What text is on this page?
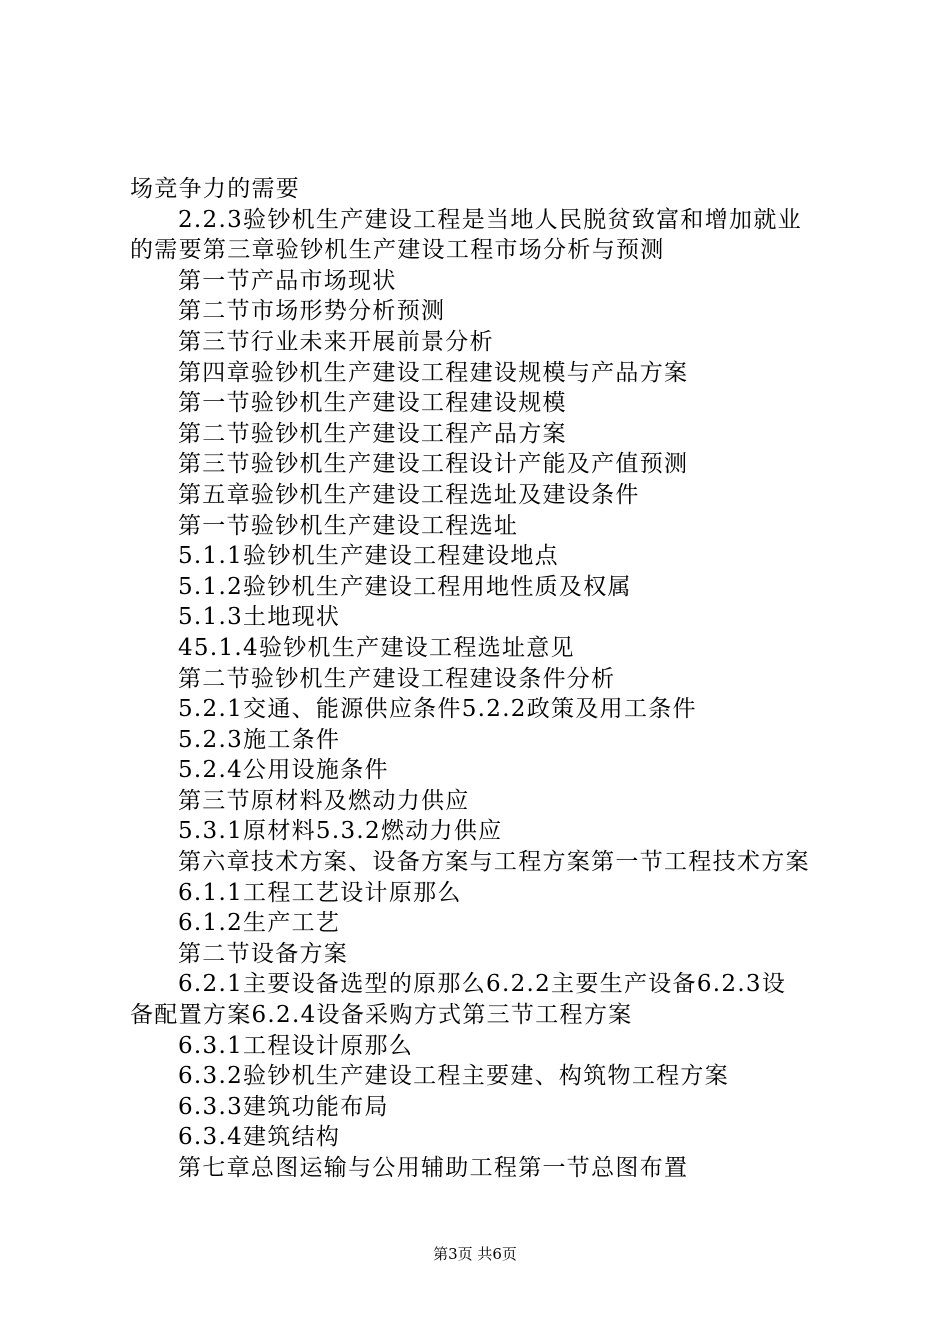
场竞争力的需要
2.2.3验钞机生产建设工程是当地人民脱贫致富和增加就业
的需要第三章验钞机生产建设工程市场分析与预测
第一节产品市场现状
第二节市场形势分析预测
第三节行业未来开展前景分析
第四章验钞机生产建设工程建设规模与产品方案
第一节验钞机生产建设工程建设规模
第二节验钞机生产建设工程产品方案
第三节验钞机生产建设工程设计产能及产值预测
第五章验钞机生产建设工程选址及建设条件
第一节验钞机生产建设工程选址
5.1.1验钞机生产建设工程建设地点
5.1.2验钞机生产建设工程用地性质及权属
5.1.3土地现状
45.1.4验钞机生产建设工程选址意见
第二节验钞机生产建设工程建设条件分析
5.2.1交通、能源供应条件5.2.2政策及用工条件
5.2.3施工条件
5.2.4公用设施条件
第三节原材料及燃动力供应
5.3.1原材料5.3.2燃动力供应
第六章技术方案、设备方案与工程方案第一节工程技术方案
6.1.1工程工艺设计原那么
6.1.2生产工艺
第二节设备方案
6.2.1主要设备选型的原那么6.2.2主要生产设备6.2.3设
备配置方案6.2.4设备采购方式第三节工程方案
6.3.1工程设计原那么
6.3.2验钞机生产建设工程主要建、构筑物工程方案
6.3.3建筑功能布局
6.3.4建筑结构
第七章总图运输与公用辅助工程第一节总图布置
第3页 共6页
